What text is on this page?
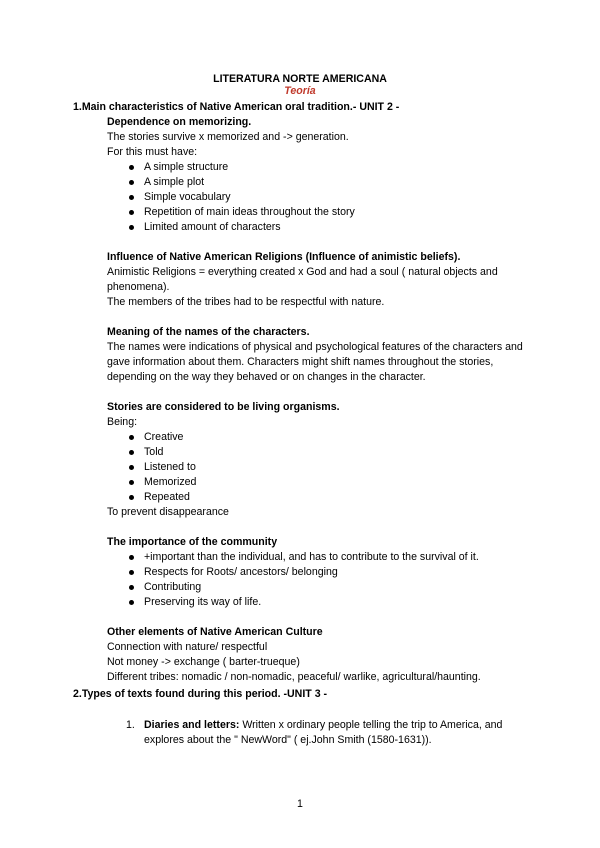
LITERATURA NORTE AMERICANA
Teoría
1.Main characteristics of Native American oral tradition.- UNIT 2 -

Dependence on memorizing.

The stories survive x memorized and -> generation.

For this must have:

A simple structure
A simple plot
Simple vocabulary
Repetition of main ideas throughout the story
Limited amount of characters

Influence of Native American Religions (Influence of animistic beliefs).

Animistic Religions = everything created x God and had a soul ( natural objects and phenomena).

The members of the tribes had to be respectful with nature.

Meaning of the names of the characters.

The names were indications of physical and psychological features of the characters and gave information about them. Characters might shift names throughout the stories, depending on the way they behaved or on changes in the character.

Stories are considered to be living organisms.

Being:

Creative
Told
Listened to
Memorized
Repeated

To prevent disappearance

The importance of the community

+important than the individual, and has to contribute to the survival of it.
Respects for Roots/ ancestors/ belonging
Contributing
Preserving its way of life.

Other elements of Native American Culture

Connection with nature/ respectful

Not money -> exchange ( barter-trueque)

Different tribes: nomadic / non-nomadic, peaceful/ warlike, agricultural/haunting.

2.Types of texts found during this period. -UNIT 3 -
1. Diaries and letters: Written x ordinary people telling the trip to America, and explores about the " NewWord" ( ej.John Smith (1580-1631)).
1
